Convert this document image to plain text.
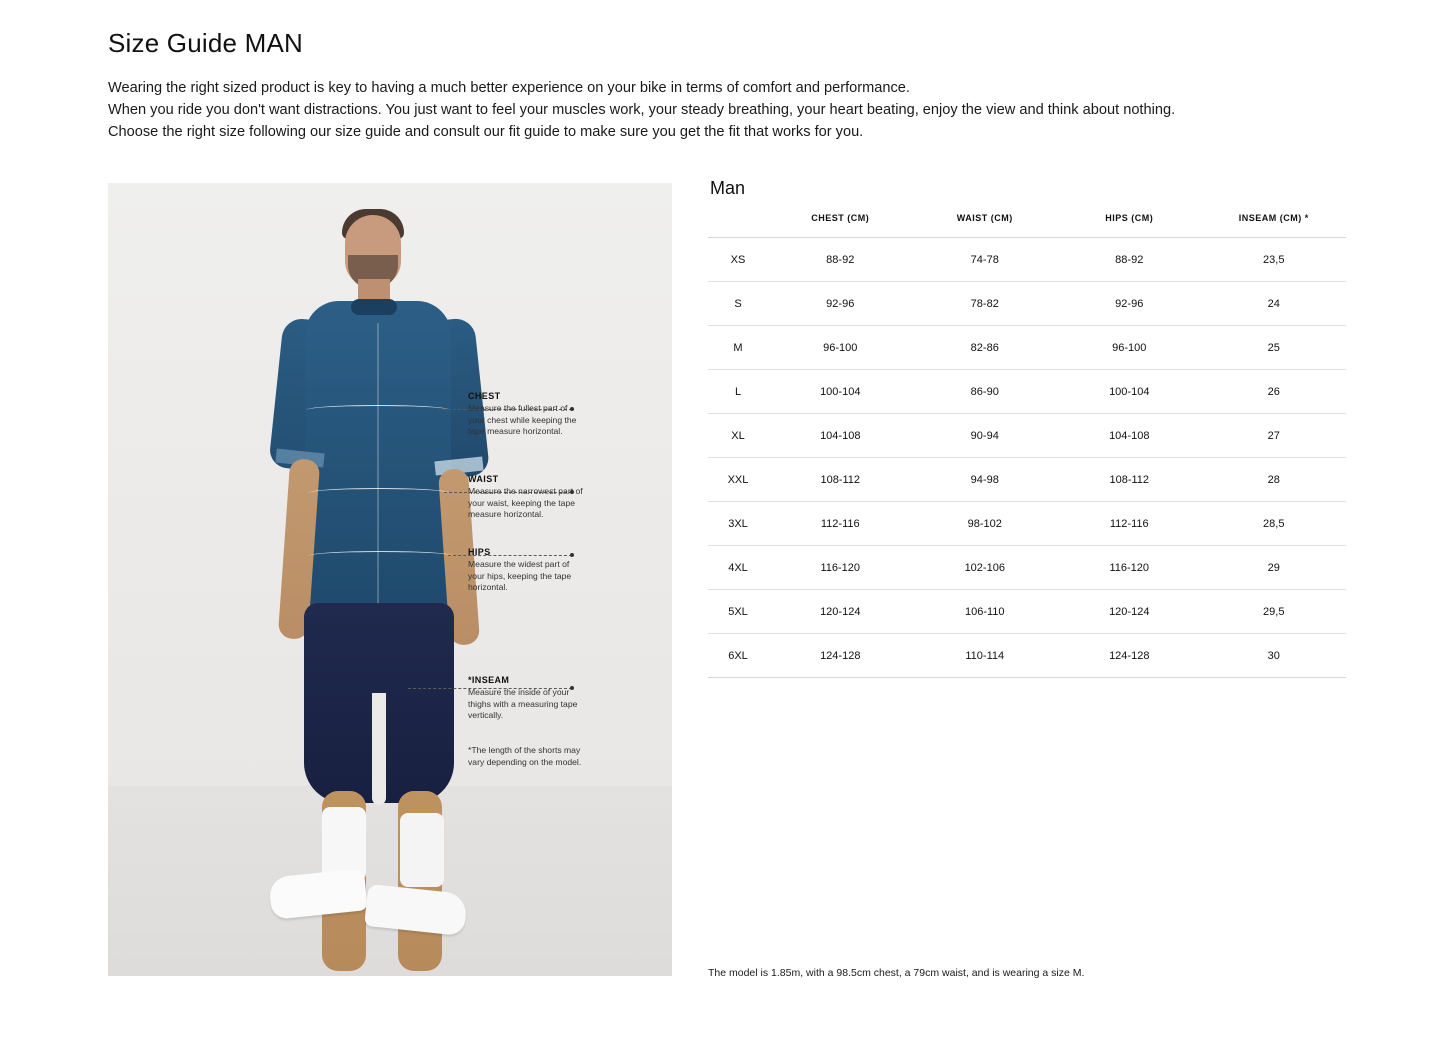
Size Guide MAN
Wearing the right sized product is key to having a much better experience on your bike in terms of comfort and performance.
When you ride you don't want distractions. You just want to feel your muscles work, your steady breathing, your heart beating, enjoy the view and think about nothing.
Choose the right size following our size guide and consult our fit guide to make sure you get the fit that works for you.
CHEST
Measure the fullest part of your chest while keeping the tape measure horizontal.
WAIST
Measure the narrowest part of your waist, keeping the tape measure horizontal.
HIPS
Measure the widest part of your hips, keeping the tape horizontal.
*INSEAM
Measure the inside of your thighs with a measuring tape vertically.
*The length of the shorts may vary depending on the model.
Man
	CHEST (CM)	WAIST (CM)	HIPS (CM)	INSEAM (CM) *
XS	88-92	74-78	88-92	23,5
S	92-96	78-82	92-96	24
M	96-100	82-86	96-100	25
L	100-104	86-90	100-104	26
XL	104-108	90-94	104-108	27
XXL	108-112	94-98	108-112	28
3XL	112-116	98-102	112-116	28,5
4XL	116-120	102-106	116-120	29
5XL	120-124	106-110	120-124	29,5
6XL	124-128	110-114	124-128	30
The model is 1.85m, with a 98.5cm chest, a 79cm waist, and is wearing a size M.
